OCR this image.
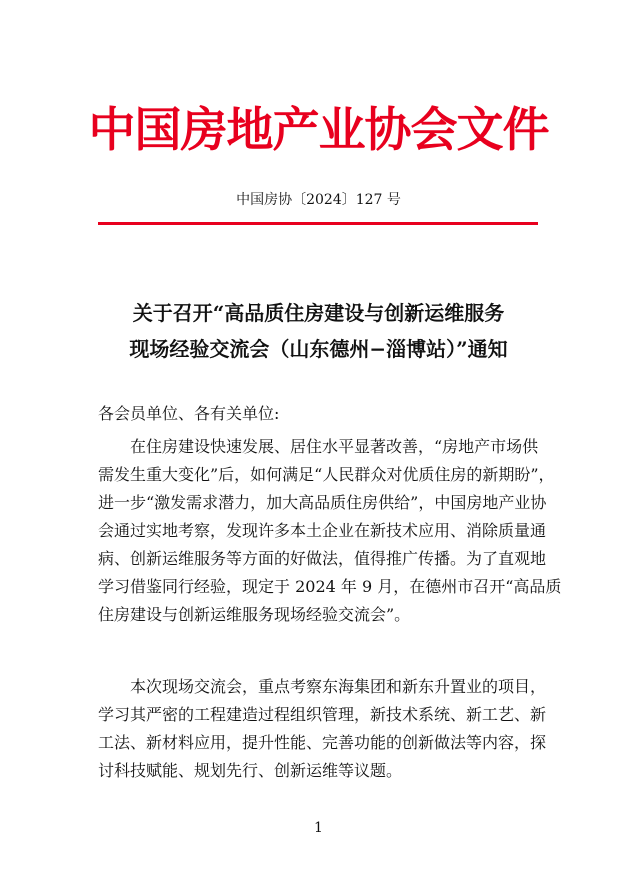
中国房地产业协会文件
中国房协〔2024〕127 号
关于召开“高品质住房建设与创新运维服务
现场经验交流会（山东德州−淄博站）”通知
各会员单位、各有关单位:
在住房建设快速发展、居住水平显著改善，“房地产市场供
需发生重大变化”后，如何满足“人民群众对优质住房的新期盼”，
进一步“激发需求潜力，加大高品质住房供给”，中国房地产业协
会通过实地考察，发现许多本土企业在新技术应用、消除质量通
病、创新运维服务等方面的好做法，值得推广传播。为了直观地
学习借鉴同行经验，现定于 2024 年 9 月，在德州市召开“高品质
住房建设与创新运维服务现场经验交流会”。
本次现场交流会，重点考察东海集团和新东升置业的项目，
学习其严密的工程建造过程组织管理，新技术系统、新工艺、新
工法、新材料应用，提升性能、完善功能的创新做法等内容，探
讨科技赋能、规划先行、创新运维等议题。
1
